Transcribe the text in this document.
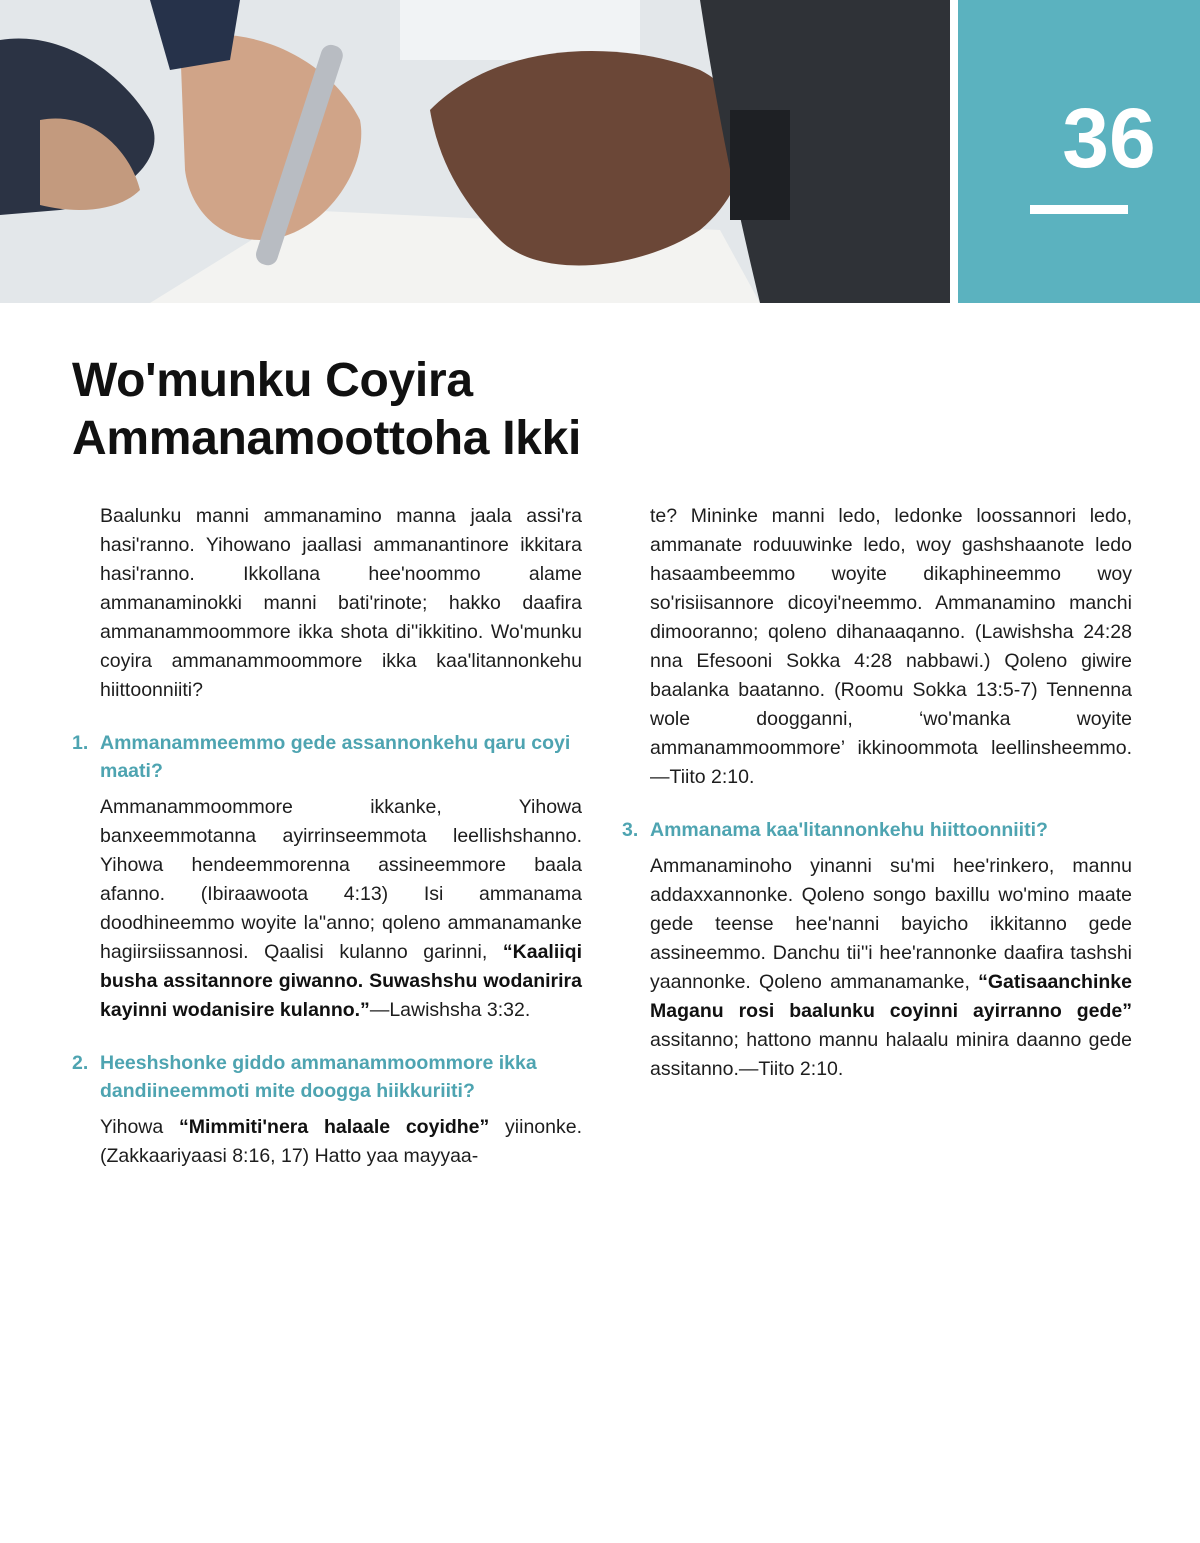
36
Wo'munku Coyira
Ammanamoottoha Ikki

Baalunku manni ammanamino manna jaala assi'ra hasi'ranno. Yihowano jaallasi ammanantinore ikkitara hasi'ranno. Ikkollana hee'noommo alame ammanaminokki manni bati'rinote; hakko daafira ammanammoommore ikka shota di''ikkitino. Wo'munku coyira ammanammoommore ikka kaa'litannonkehu hiittoonniiti?

1. Ammanammeemmo gede assannonkehu qaru coyi maati?

Ammanammoommore ikkanke, Yihowa banxeemmotanna ayirrinseemmota leellishshanno. Yihowa hendeemmorenna assineemmore baala afanno. (Ibiraawoota 4:13) Isi ammanama doodhineemmo woyite la''anno; qoleno ammanamanke hagiirsiissannosi. Qaalisi kulanno garinni, “Kaaliiqi busha assitannore giwanno. Suwashshu wodanirira kayinni wodanisire kulanno.”—Lawishsha 3:32.

2. Heeshshonke giddo ammanammoommore ikka dandiineemmoti mite doogga hiikkuriiti?

Yihowa “Mimmiti'nera halaale coyidhe” yiinonke. (Zakkaariyaasi 8:16, 17) Hatto yaa mayyaa-

te? Mininke manni ledo, ledonke loossannori ledo, ammanate roduuwinke ledo, woy gashshaanote ledo hasaambeemmo woyite dikaphineemmo woy so'risiisannore dicoyi'neemmo. Ammanamino manchi dimooranno; qoleno dihanaaqanno. (Lawishsha 24:28 nna Efesooni Sokka 4:28 nabbawi.) Qoleno giwire baalanka baatanno. (Roomu Sokka 13:5-7) Tennenna wole doogganni, ‘wo'manka woyite ammanammoommore’ ikkinoommota leellinsheemmo. —Tiito 2:10.

3. Ammanama kaa'litannonkehu hiittoonniiti?

Ammanaminoho yinanni su'mi hee'rinkero, mannu addaxxannonke. Qoleno songo baxillu wo'mino maate gede teense hee'nanni bayicho ikkitanno gede assineemmo. Danchu tii''i hee'rannonke daafira tashshi yaannonke. Qoleno ammanamanke, “Gatisaanchinke Maganu rosi baalunku coyinni ayirranno gede” assitanno; hattono mannu halaalu minira daanno gede assitanno.—Tiito 2:10.
